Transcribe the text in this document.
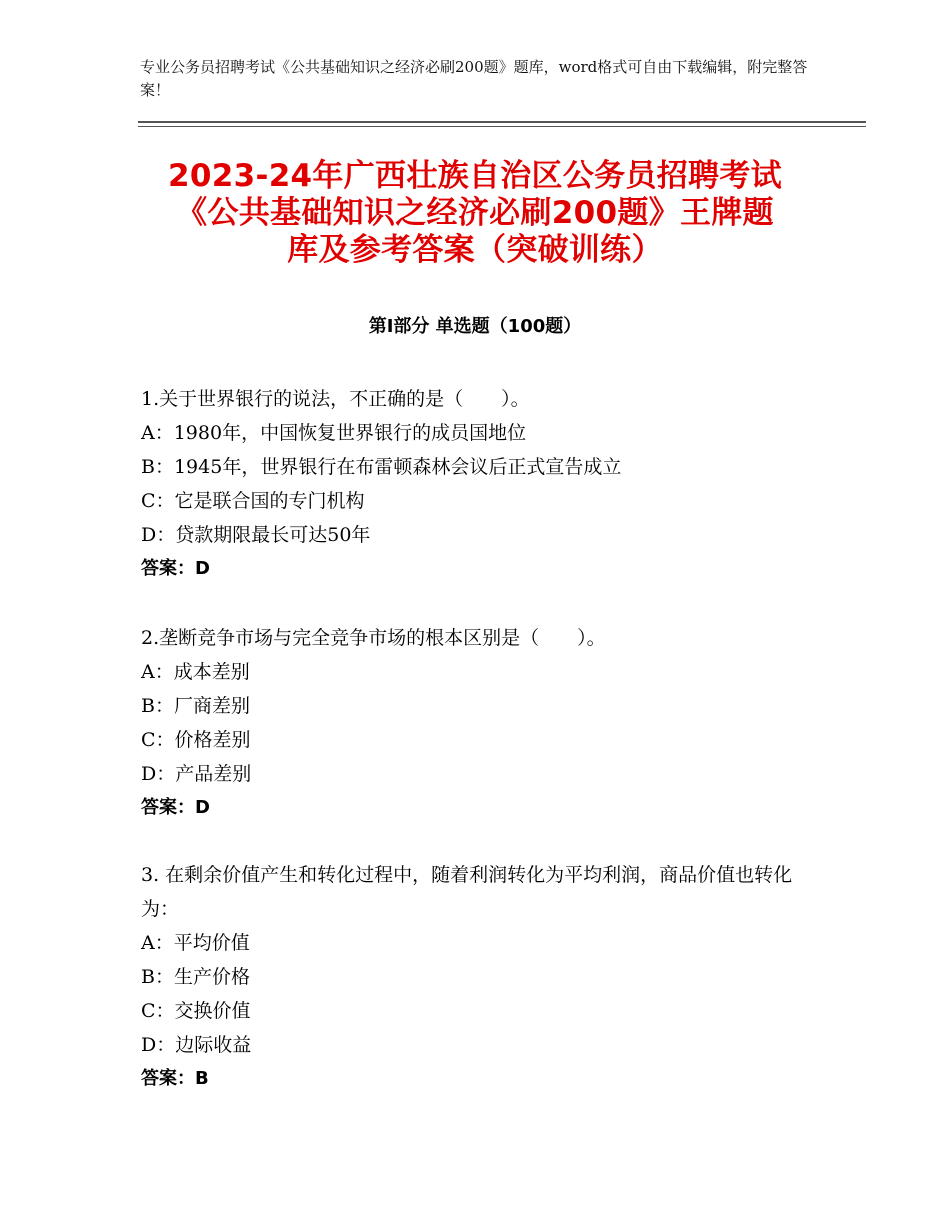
专业公务员招聘考试《公共基础知识之经济必刷200题》题库，word格式可自由下载编辑，附完整答案！
2023-24年广西壮族自治区公务员招聘考试
《公共基础知识之经济必刷200题》王牌题
库及参考答案（突破训练）
第Ⅰ部分 单选题（100题）
1.关于世界银行的说法，不正确的是（　　）。
A：1980年，中国恢复世界银行的成员国地位
B：1945年，世界银行在布雷顿森林会议后正式宣告成立
C：它是联合国的专门机构
D：贷款期限最长可达50年
答案：D
2.垄断竞争市场与完全竞争市场的根本区别是（　　）。
A：成本差别
B：厂商差别
C：价格差别
D：产品差别
答案：D
3. 在剩余价值产生和转化过程中，随着利润转化为平均利润，商品价值也转化为：
A：平均价值
B：生产价格
C：交换价值
D：边际收益
答案：B
